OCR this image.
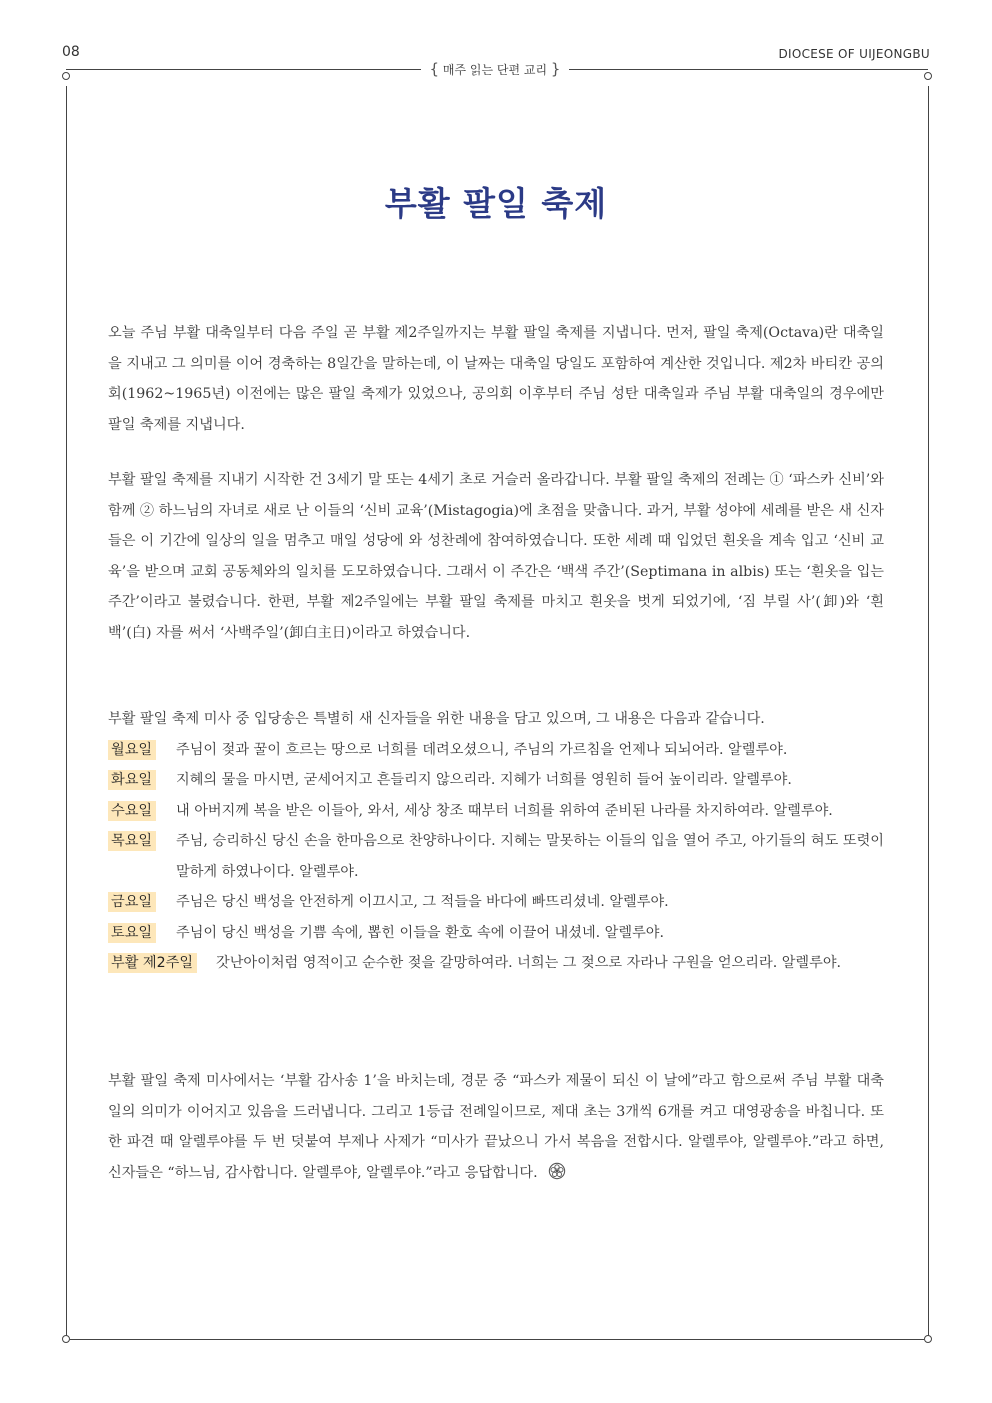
08	DIOCESE OF UIJEONGBU
{ 매주 읽는 단편 교리 }
부활 팔일 축제

오늘 주님 부활 대축일부터 다음 주일 곧 부활 제2주일까지는 부활 팔일 축제를 지냅니다. 먼저, 팔일 축제(Octava)란 대축일을 지내고 그 의미를 이어 경축하는 8일간을 말하는데, 이 날짜는 대축일 당일도 포함하여 계산한 것입니다. 제2차 바티칸 공의회(1962~1965년) 이전에는 많은 팔일 축제가 있었으나, 공의회 이후부터 주님 성탄 대축일과 주님 부활 대축일의 경우에만 팔일 축제를 지냅니다.

부활 팔일 축제를 지내기 시작한 건 3세기 말 또는 4세기 초로 거슬러 올라갑니다. 부활 팔일 축제의 전례는 ① ‘파스카 신비’와 함께 ② 하느님의 자녀로 새로 난 이들의 ‘신비 교육’(Mistagogia)에 초점을 맞춥니다. 과거, 부활 성야에 세례를 받은 새 신자들은 이 기간에 일상의 일을 멈추고 매일 성당에 와 성찬례에 참여하였습니다. 또한 세례 때 입었던 흰옷을 계속 입고 ‘신비 교육’을 받으며 교회 공동체와의 일치를 도모하였습니다. 그래서 이 주간은 ‘백색 주간’(Septimana in albis) 또는 ‘흰옷을 입는 주간’이라고 불렸습니다. 한편, 부활 제2주일에는 부활 팔일 축제를 마치고 흰옷을 벗게 되었기에, ‘짐 부릴 사’(卸)와 ‘흰 백’(白) 자를 써서 ‘사백주일’(卸白主日)이라고 하였습니다.

부활 팔일 축제 미사 중 입당송은 특별히 새 신자들을 위한 내용을 담고 있으며, 그 내용은 다음과 같습니다.

월요일 주님이 젖과 꿀이 흐르는 땅으로 너희를 데려오셨으니, 주님의 가르침을 언제나 되뇌어라. 알렐루야.
화요일 지혜의 물을 마시면, 굳세어지고 흔들리지 않으리라. 지혜가 너희를 영원히 들어 높이리라. 알렐루야.
수요일 내 아버지께 복을 받은 이들아, 와서, 세상 창조 때부터 너희를 위하여 준비된 나라를 차지하여라. 알렐루야.
목요일 주님, 승리하신 당신 손을 한마음으로 찬양하나이다. 지혜는 말못하는 이들의 입을 열어 주고, 아기들의 혀도 또렷이 말하게 하였나이다. 알렐루야.
금요일 주님은 당신 백성을 안전하게 이끄시고, 그 적들을 바다에 빠뜨리셨네. 알렐루야.
토요일 주님이 당신 백성을 기쁨 속에, 뽑힌 이들을 환호 속에 이끌어 내셨네. 알렐루야.
부활 제2주일	갓난아이처럼 영적이고 순수한 젖을 갈망하여라. 너희는 그 젖으로 자라나 구원을 얻으리라. 알렐루야.

부활 팔일 축제 미사에서는 ‘부활 감사송 1’을 바치는데, 경문 중 “파스카 제물이 되신 이 날에”라고 함으로써 주님 부활 대축일의 의미가 이어지고 있음을 드러냅니다. 그리고 1등급 전례일이므로, 제대 초는 3개씩 6개를 켜고 대영광송을 바칩니다. 또한 파견 때 알렐루야를 두 번 덧붙여 부제나 사제가 “미사가 끝났으니 가서 복음을 전합시다. 알렐루야, 알렐루야.”라고 하면, 신자들은 “하느님, 감사합니다. 알렐루야, 알렐루야.”라고 응답합니다.
